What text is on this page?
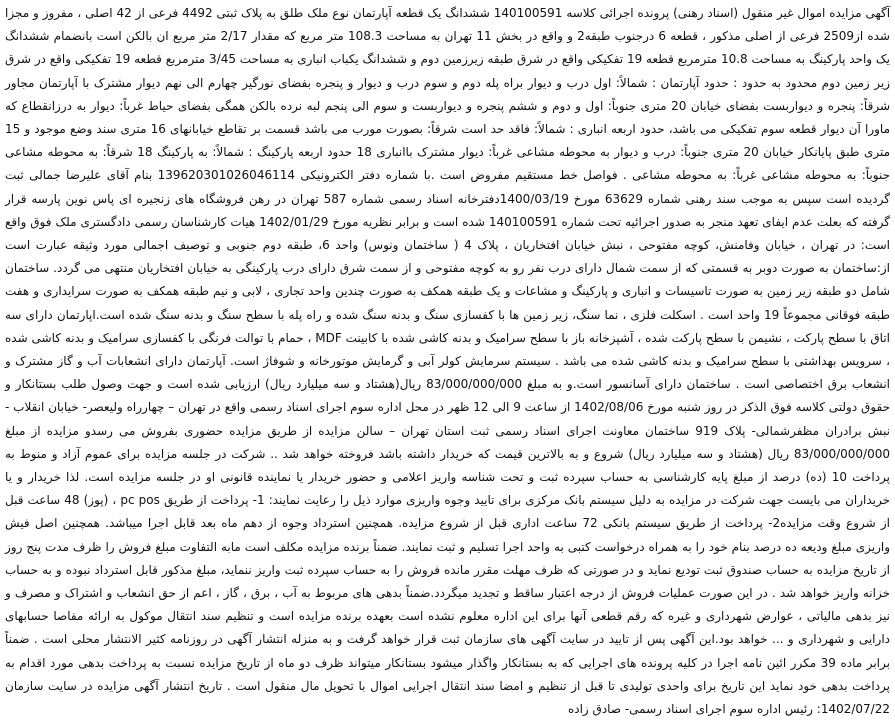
آگهی مزایده اموال غیر منقول (اسناد رهنی) پرونده اجرائی کلاسه 140100591 ششدانگ یک قطعه آپارتمان نوع ملک طلق به پلاک ثبتی 4492 فرعی از 42 اصلی ، مفروز و مجزا شده از2509 فرعی از اصلی مذکور ، قطعه 6 درجنوب طبقه2 و واقع در بخش 11 تهران به مساحت 108.3 متر مربع که مقدار 2/17 متر مربع ان بالکن است بانضمام ششدانگ یک واحد پارکینگ به مساحت 10.8 مترمربع قطعه 19 تفکیکی واقع در شرق طبقه زیرزمین دوم و ششدانگ یکباب انباری به مساحت 3/45 مترمربع قطعه 19 تفکیکی واقع در شرق زیر زمین دوم محدود به حدود : حدود آپارتمان : شمالاً: اول درب و دیوار براه پله دوم و سوم درب و دیوار و پنجره بفضای نورگیر چهارم الی نهم دیوار مشترک با آپارتمان مجاور شرقاً: پنجره و دیواربست بفضای خیابان 20 متری جنوباً: اول و دوم و ششم پنجره و دیواربست و سوم الی پنجم لبه نرده بالکن همگی بفضای حیاط غرباً: دیوار به درزانقطاع که ماورا آن دیوار قطعه سوم تفکیکی می باشد، حدود اربعه انباری : شمالاً: فاقد حد است شرقاً: بصورت مورب می باشد قسمت بر تقاطع خیابانهای 16 متری سند وضع موجود و 15 متری طبق پایانکار خیابان 20 متری جنوباً: درب و دیوار به محوطه مشاعی غرباً: دیوار مشترک باانباری 18 حدود اربعه پارکینگ : شمالاً: به پارکینگ 18 شرقاً: به محوطه مشاعی جنوباً: به محوطه مشاعی غرباً: به محوطه مشاعی . فواصل خط مستقیم مفروض است .با شماره دفتر الکترونیکی 139620301026046114 بنام آقای علیرضا جمالی ثبت گردیده است سپس به موجب سند رهنی شماره 63629 مورخ 1400/03/19دفترخانه اسناد رسمی شماره 587 تهران در رهن فروشگاه های زنجیره ای پاس نوین پارسه قرار گرفته که بعلت عدم ایفای تعهد منجر به صدور اجرائیه تحت شماره 140100591 شده است و برابر نظریه مورخ 1402/01/29 هیات کارشناسان رسمی دادگستری ملک فوق واقع است: در تهران ، خیابان وفامنش، کوچه مفتوحی ، نبش خیابان افتخاریان ، پلاک 4 ( ساختمان ونوس) واحد 6، طبقه دوم جنوبی و توصیف اجمالی مورد وثیقه عبارت است از:ساختمان به صورت دوبر به قسمتی که از سمت شمال دارای درب نفر رو به کوچه مفتوحی و از سمت شرق دارای درب پارکینگی به خیابان افتخاریان منتهی می گردد. ساختمان شامل دو طبقه زیر زمین به صورت تاسیسات و انباری و پارکینگ و مشاعات و یک طبقه همکف به صورت چندین واحد تجاری ، لابی و نیم طبقه همکف به صورت سرایداری و هفت طبقه فوقانی مجموعاً 19 واحد است . اسکلت فلزی ، نما سنگ، زیر زمین ها با کفسازی سنگ و بدنه سنگ شده و راه پله با سطح سنگ و بدنه سنگ شده است.اپارتمان دارای سه اتاق با سطح پارکت ، نشیمن با سطح پارکت شده ، آشپزخانه باز با سطح سرامیک و بدنه کاشی شده با کابینت MDF ، حمام با توالت فرنگی با کفسازی سرامیک و بدنه کاشی شده ، سرویس بهداشتی با سطح سرامیک و بدنه کاشی شده می باشد . سیستم سرمایش کولر آبی و گرمایش موتورخانه و شوفاژ است. آپارتمان دارای انشعابات آب و گاز مشترک و انشعاب برق اختصاصی است . ساختمان دارای آسانسور است.و به مبلغ 83/000/000/000 ریال(هشتاد و سه میلیارد ریال) ارزیابی شده است و جهت وصول طلب بستانکار و حقوق دولتی کلاسه فوق الذکر در روز شنبه مورخ 1402/08/06 از ساعت 9 الی 12 ظهر در محل اداره سوم اجرای اسناد رسمی واقع در تهران – چهارراه ولیعصر- خیابان انقلاب - نبش برادران مظفرشمالی- پلاک 919 ساختمان معاونت اجرای اسناد رسمی ثبت استان تهران – سالن مزایده از طریق مزایده حضوری بفروش می رسدو مزایده از مبلغ 83/000/000/000 ریال (هشتاد و سه میلیارد ریال) شروع و به بالاترین قیمت که خریدار داشته باشد فروخته خواهد شد .. شرکت در جلسه مزایده برای عموم آزاد و منوط به پرداخت 10 (ده) درصد از مبلغ پایه کارشناسی به حساب سپرده ثبت و تحت شناسه واریز اعلامی و حضور خریدار یا نماینده قانونی او در جلسه مزایده است. لذا خریدار و یا خریداران می بایست جهت شرکت در مزایده به دلیل سیستم بانک مرکزی برای تایید وجوه واریزی موارد ذیل را رعایت نمایند: 1- پرداخت از طریق pc pos ، (پوز) 48 ساعت قبل از شروع وقت مزایده2- پرداخت از طریق سیستم بانکی 72 ساعت اداری قبل از شروع مزایده. همچنین استرداد وجوه از دهم ماه بعد قابل اجرا میباشد. همچنین اصل فیش واریزی مبلغ ودیعه ده درصد بنام خود را به همراه درخواست کتبی به واحد اجرا تسلیم و ثبت نمایند. ضمناً برنده مزایده مکلف است مابه التفاوت مبلغ فروش را ظرف مدت پنج روز از تاریخ مزایده به حساب صندوق ثبت تودیع نماید و در صورتی که ظرف مهلت مقرر مانده فروش را به حساب سپرده ثبت واریز ننماید، مبلغ مذکور قابل استرداد نبوده و به حساب خزانه واریز خواهد شد . در این صورت عملیات فروش از درجه اعتبار ساقط و تجدید میگردد.ضمناً بدهی های مربوط به آب ، برق ، گاز ، اعم از حق انشعاب و اشتراک و مصرف و نیز بدهی مالیاتی ، عوارض شهرداری و غیره که رقم قطعی آنها برای این اداره معلوم نشده است بعهده برنده مزایده است و تنظیم سند انتقال موکول به ارائه مفاصا حسابهای دارایی و شهرداری و ... خواهد بود.این آگهی پس از تایید در سایت آگهی های سازمان ثبت قرار خواهد گرفت و به منزله انتشار آگهی در روزنامه کثیر الانتشار محلی است . ضمناً برابر ماده 39 مکرر ائین نامه اجرا در کلیه پرونده های اجرایی که به بستانکار واگذار میشود بستانکار میتواند ظرف دو ماه از تاریخ مزایده نسبت به پرداخت بدهی مورد اقدام به پرداخت بدهی خود نماید این تاریخ برای واحدی تولیدی تا قبل از تنظیم و امضا سند انتقال اجرایی اموال با تحویل مال منقول است . تاریخ انتشار آگهی مزایده در سایت سازمان 1402/07/22: رئیس اداره سوم اجرای اسناد رسمی- صادق زاده
